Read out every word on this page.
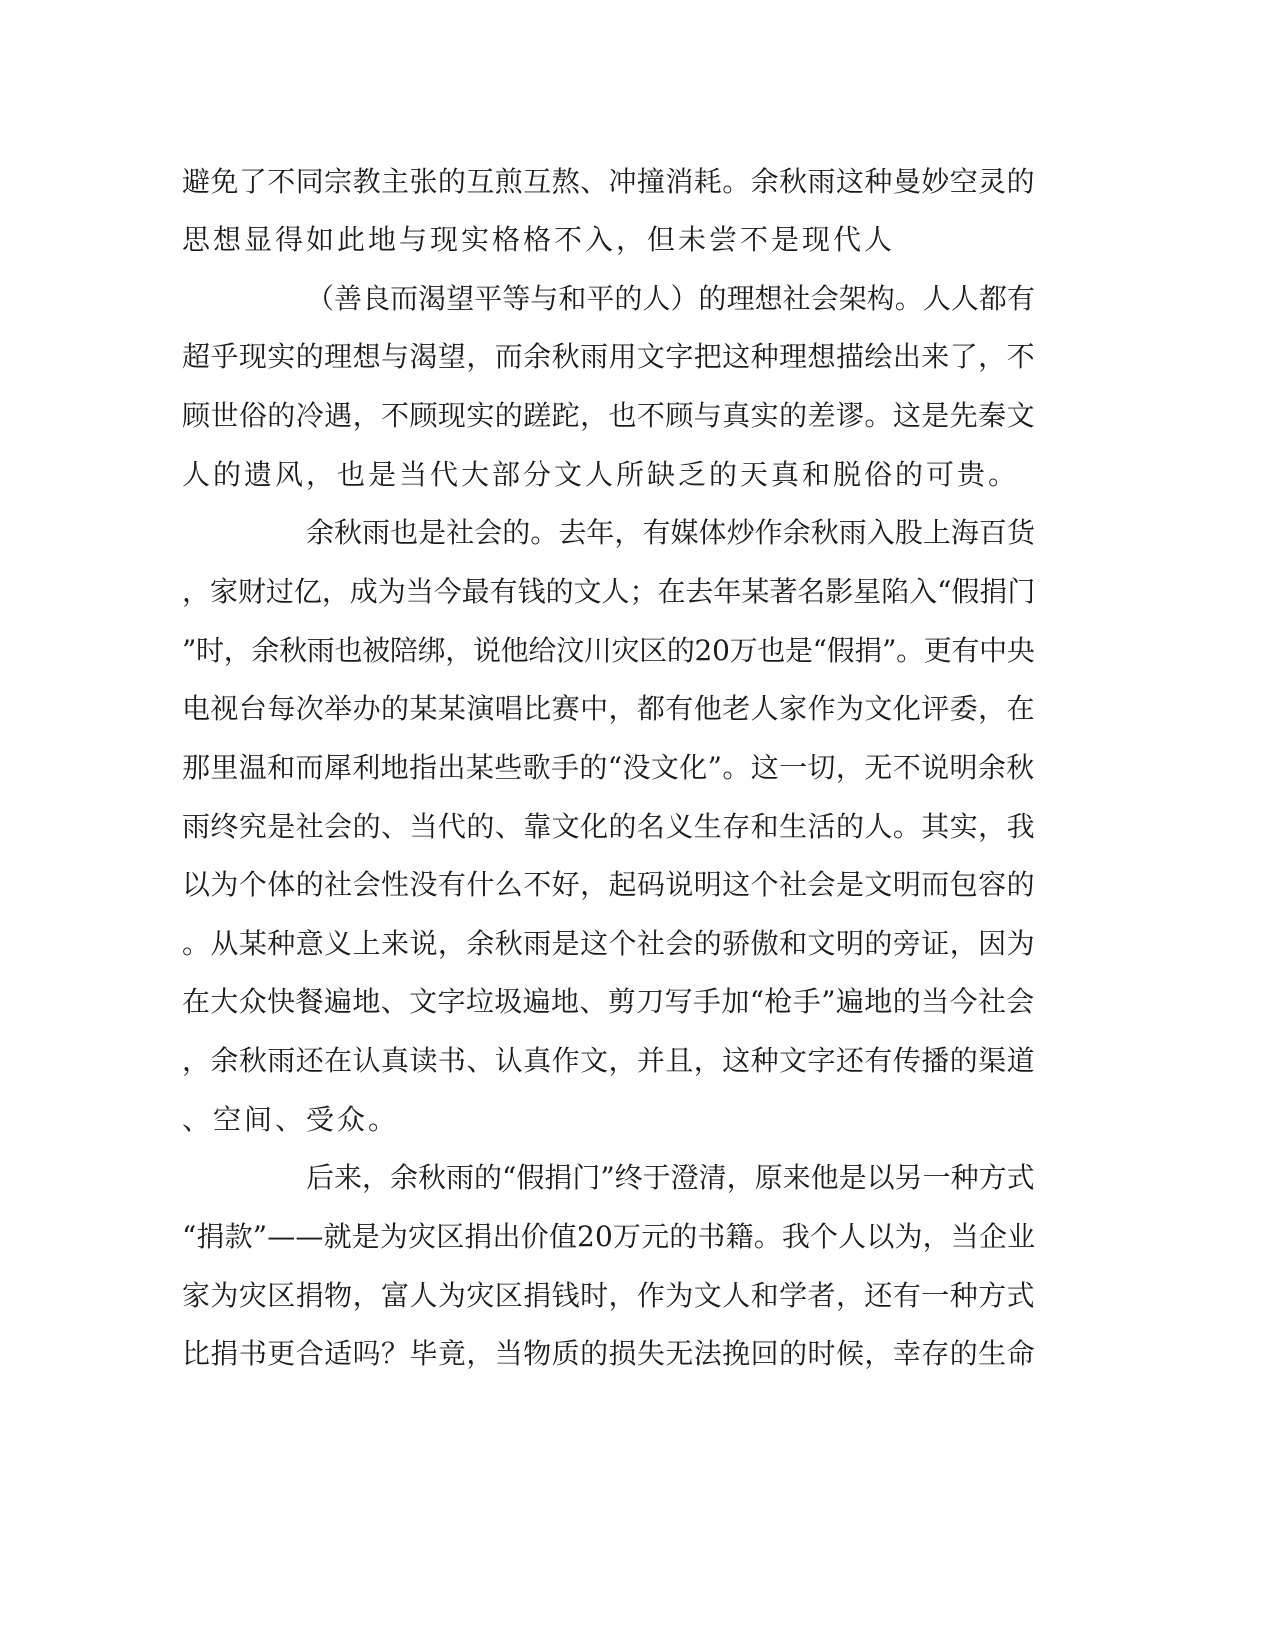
避免了不同宗教主张的互煎互熬、冲撞消耗。余秋雨这种曼妙空灵的

思想显得如此地与现实格格不入，但未尝不是现代人

（善良而渴望平等与和平的人）的理想社会架构。人人都有

超乎现实的理想与渴望，而余秋雨用文字把这种理想描绘出来了，不

顾世俗的冷遇，不顾现实的蹉跎，也不顾与真实的差谬。这是先秦文

人的遗风，也是当代大部分文人所缺乏的天真和脱俗的可贵。

余秋雨也是社会的。去年，有媒体炒作余秋雨入股上海百货

，家财过亿，成为当今最有钱的文人；在去年某著名影星陷入“假捐门

”时，余秋雨也被陪绑，说他给汶川灾区的20万也是“假捐”。更有中央

电视台每次举办的某某演唱比赛中，都有他老人家作为文化评委，在

那里温和而犀利地指出某些歌手的“没文化”。这一切，无不说明余秋

雨终究是社会的、当代的、靠文化的名义生存和生活的人。其实，我

以为个体的社会性没有什么不好，起码说明这个社会是文明而包容的

。从某种意义上来说，余秋雨是这个社会的骄傲和文明的旁证，因为

在大众快餐遍地、文字垃圾遍地、剪刀写手加“枪手”遍地的当今社会

，余秋雨还在认真读书、认真作文，并且，这种文字还有传播的渠道

、空间、受众。

后来，余秋雨的“假捐门”终于澄清，原来他是以另一种方式

“捐款”——就是为灾区捐出价值20万元的书籍。我个人以为，当企业

家为灾区捐物，富人为灾区捐钱时，作为文人和学者，还有一种方式

比捐书更合适吗？毕竟，当物质的损失无法挽回的时候，幸存的生命
